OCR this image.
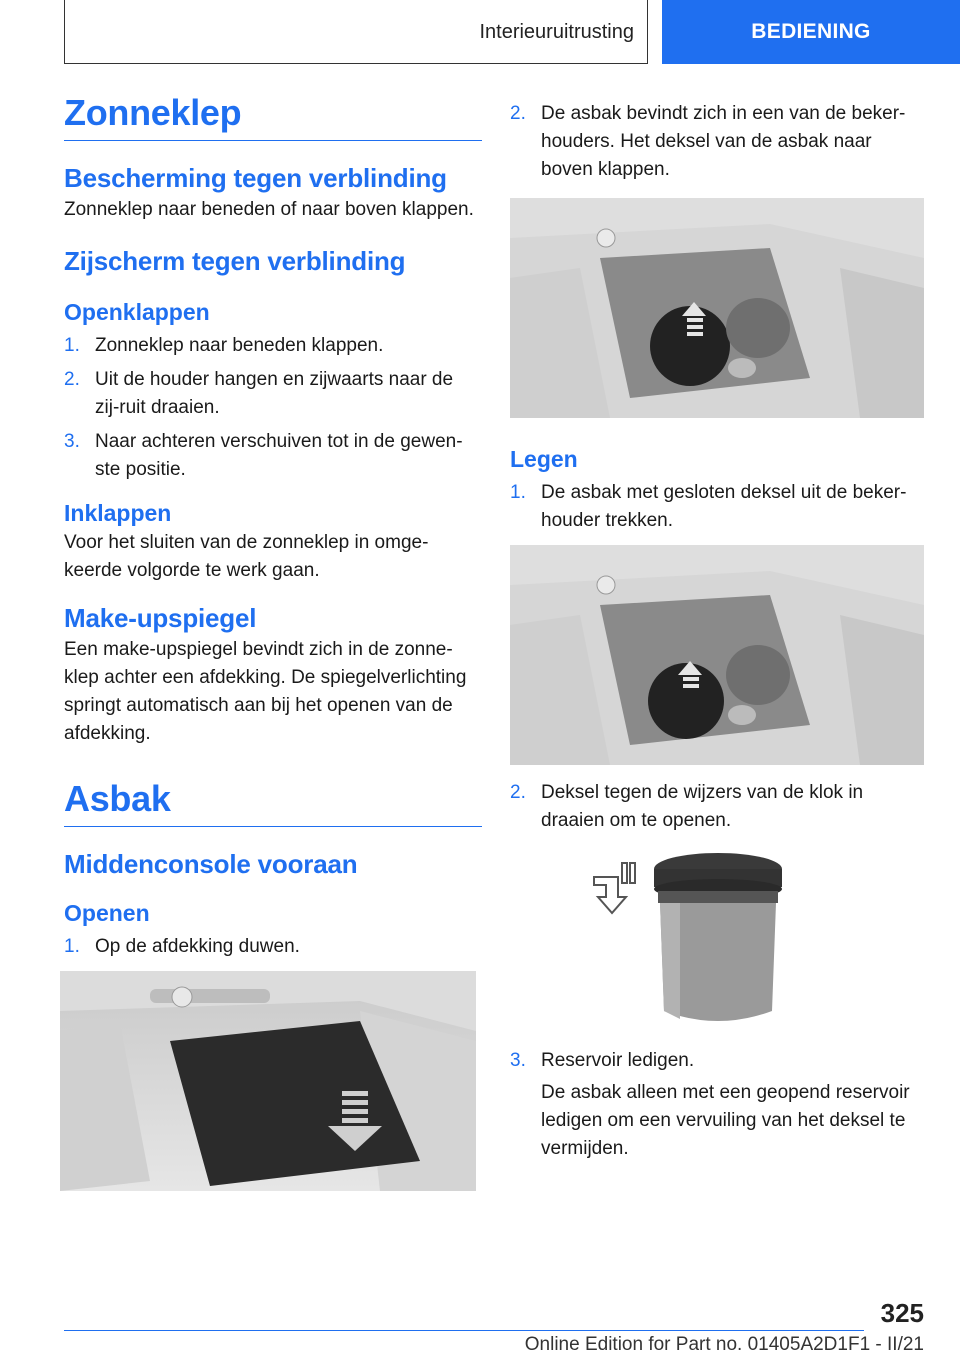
Interieuruitrusting	BEDIENING
Zonneklep
Bescherming tegen verblinding

Zonneklep naar beneden of naar boven klappen.

Zijscherm tegen verblinding
Openklappen
1. Zonneklep naar beneden klappen.
2. Uit de houder hangen en zijwaarts naar de zij-ruit draaien.
3. Naar achteren verschuiven tot in de gewen-ste positie.
Inklappen

Voor het sluiten van de zonneklep in omge-keerde volgorde te werk gaan.

Make-upspiegel

Een make-upspiegel bevindt zich in de zonne-klep achter een afdekking. De spiegelverlichting springt automatisch aan bij het openen van de afdekking.

Asbak
Middenconsole vooraan
Openen
1. Op de afdekking duwen.
2. De asbak bevindt zich in een van de beker-houders. Het deksel van de asbak naar boven klappen.
Legen
1. De asbak met gesloten deksel uit de beker-houder trekken.
2. Deksel tegen de wijzers van de klok in draaien om te openen.
3. Reservoir ledigen.
De asbak alleen met een geopend reservoir ledigen om een vervuiling van het deksel te vermijden.
325
Online Edition for Part no. 01405A2D1F1 - II/21
